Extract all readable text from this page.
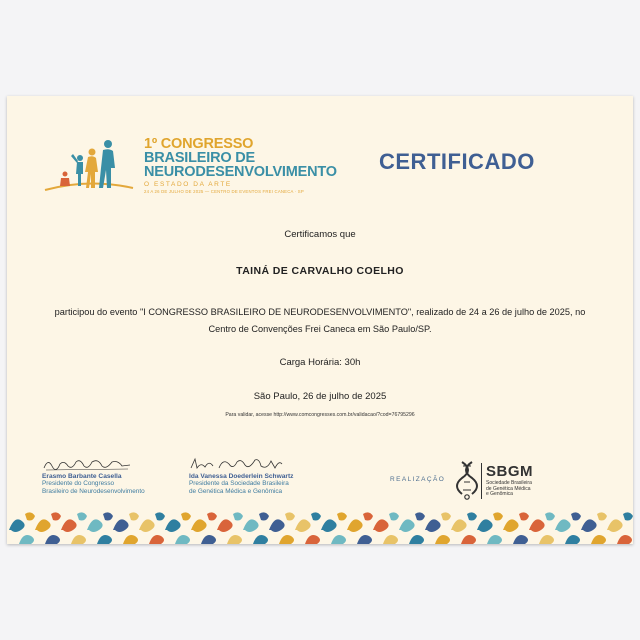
1º CONGRESSO
BRASILEIRO DE
NEURODESENVOLVIMENTO
O ESTADO DA ARTE
24 A 26 DE JULHO DE 2025 — CENTRO DE EVENTOS FREI CANECA · SP
CERTIFICADO
Certificamos que
TAINÁ DE CARVALHO COELHO
participou do evento "I CONGRESSO BRASILEIRO DE NEURODESENVOLVIMENTO", realizado de 24 a 26 de julho de 2025, no Centro de Convenções Frei Caneca em São Paulo/SP.
Carga Horária: 30h
São Paulo, 26 de julho de 2025
Para validar, acesse http://www.comcongresses.com.br/validacao/?cod=76795296
Erasmo Barbante Casella
Presidente do Congresso
Brasileiro de Neurodesenvolvimento
Ida Vanessa Doederlein Schwartz
Presidente da Sociedade Brasileira
de Genética Médica e Genômica
REALIZAÇÃO	SBGM
Sociedade Brasileira
de Genética Médica
e Genômica
